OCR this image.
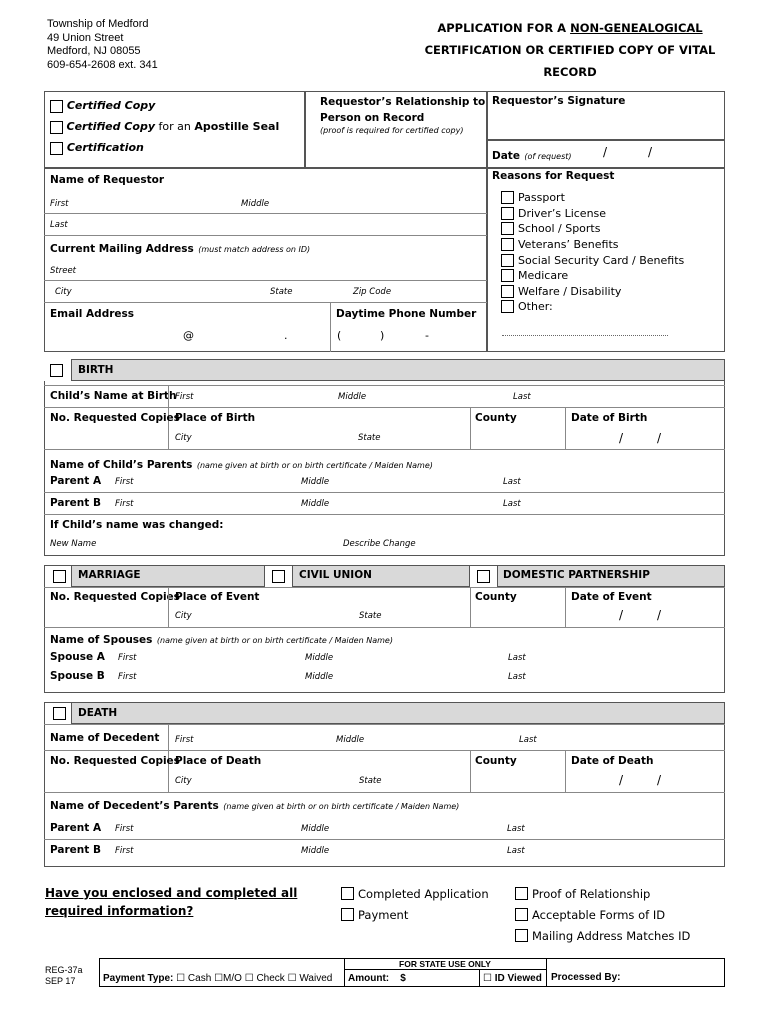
Township of Medford
49 Union Street
Medford, NJ 08055
609-654-2608 ext. 341
APPLICATION FOR A NON-GENEALOGICAL
CERTIFICATION OR CERTIFIED COPY OF VITAL RECORD
Certified Copy
Certified Copy for an Apostille Seal
Certification
Requestor’s Relationship to
Person on Record
(proof is required for certified copy)
Requestor’s Signature
Date (of request)	/	/
Name of Requestor
First	Middle
Last
Current Mailing Address (must match address on ID)
Street
City	State	Zip Code
Email Address
@	.
Daytime Phone Number
(	)	-
Reasons for Request
Passport
Driver’s License
School / Sports
Veterans’ Benefits
Social Security Card / Benefits
Medicare
Welfare / Disability
Other:
BIRTH
Child’s Name at Birth
First	Middle	Last
No. Requested Copies
Place of Birth	County	Date of Birth
City	State	/	/
Name of Child’s Parents (name given at birth or on birth certificate / Maiden Name)
Parent A First	Middle	Last
Parent B First	Middle	Last
If Child’s name was changed:
New Name	Describe Change
MARRIAGE	CIVIL UNION	DOMESTIC PARTNERSHIP
No. Requested Copies
Place of Event	County	Date of Event
City	State	/	/
Name of Spouses (name given at birth or on birth certificate / Maiden Name)
Spouse A First	Middle	Last
Spouse B First	Middle	Last
DEATH
Name of Decedent First	Middle	Last
No. Requested Copies
Place of Death	County	Date of Death
City	State	/	/
Name of Decedent’s Parents (name given at birth or on birth certificate / Maiden Name)
Parent A First	Middle	Last
Parent B First	Middle	Last
Have you enclosed and completed all
required information?
Completed Application
Payment
Proof of Relationship
Acceptable Forms of ID
Mailing Address Matches ID
REG-37a
SEP 17
FOR STATE USE ONLY
Payment Type: ☐ Cash ☐M/O ☐ Check ☐ Waived Amount: $	☐ ID Viewed Processed By:
